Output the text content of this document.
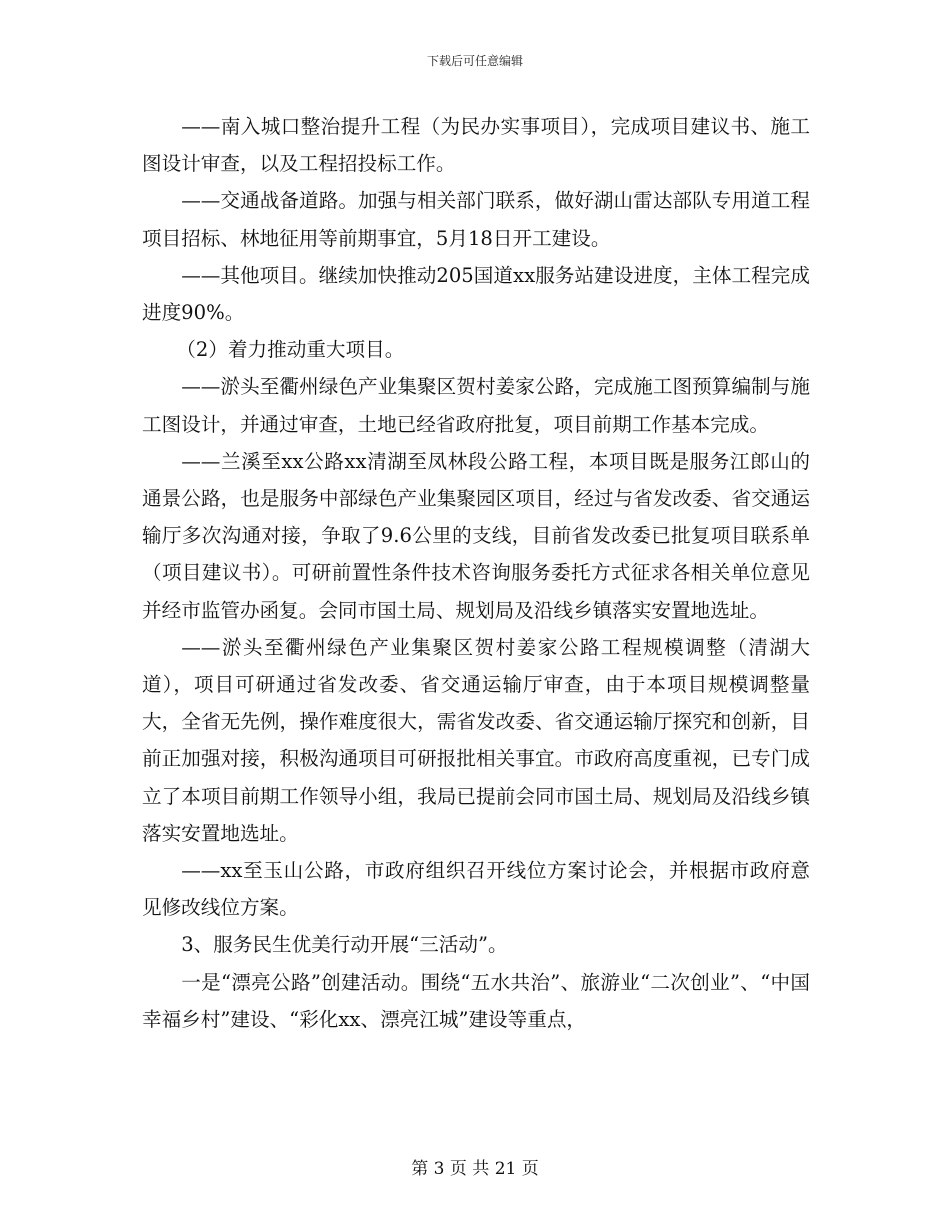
下载后可任意编辑

——南入城口整治提升工程（为民办实事项目），完成项目建议书、施工图设计审查，以及工程招投标工作。

——交通战备道路。加强与相关部门联系，做好湖山雷达部队专用道工程项目招标、林地征用等前期事宜，5月18日开工建设。

——其他项目。继续加快推动205国道xx服务站建设进度，主体工程完成进度90%。

（2）着力推动重大项目。

——淤头至衢州绿色产业集聚区贺村姜家公路，完成施工图预算编制与施工图设计，并通过审查，土地已经省政府批复，项目前期工作基本完成。

——兰溪至xx公路xx清湖至凤林段公路工程，本项目既是服务江郎山的通景公路，也是服务中部绿色产业集聚园区项目，经过与省发改委、省交通运输厅多次沟通对接，争取了9.6公里的支线，目前省发改委已批复项目联系单（项目建议书）。可研前置性条件技术咨询服务委托方式征求各相关单位意见并经市监管办函复。会同市国土局、规划局及沿线乡镇落实安置地选址。

——淤头至衢州绿色产业集聚区贺村姜家公路工程规模调整（清湖大道），项目可研通过省发改委、省交通运输厅审查，由于本项目规模调整量大，全省无先例，操作难度很大，需省发改委、省交通运输厅探究和创新，目前正加强对接，积极沟通项目可研报批相关事宜。市政府高度重视，已专门成立了本项目前期工作领导小组，我局已提前会同市国土局、规划局及沿线乡镇落实安置地选址。

——xx至玉山公路，市政府组织召开线位方案讨论会，并根据市政府意见修改线位方案。

3、服务民生优美行动开展“三活动”。

一是“漂亮公路”创建活动。围绕“五水共治”、旅游业“二次创业”、“中国幸福乡村”建设、“彩化xx、漂亮江城”建设等重点，

第 3 页 共 21 页
